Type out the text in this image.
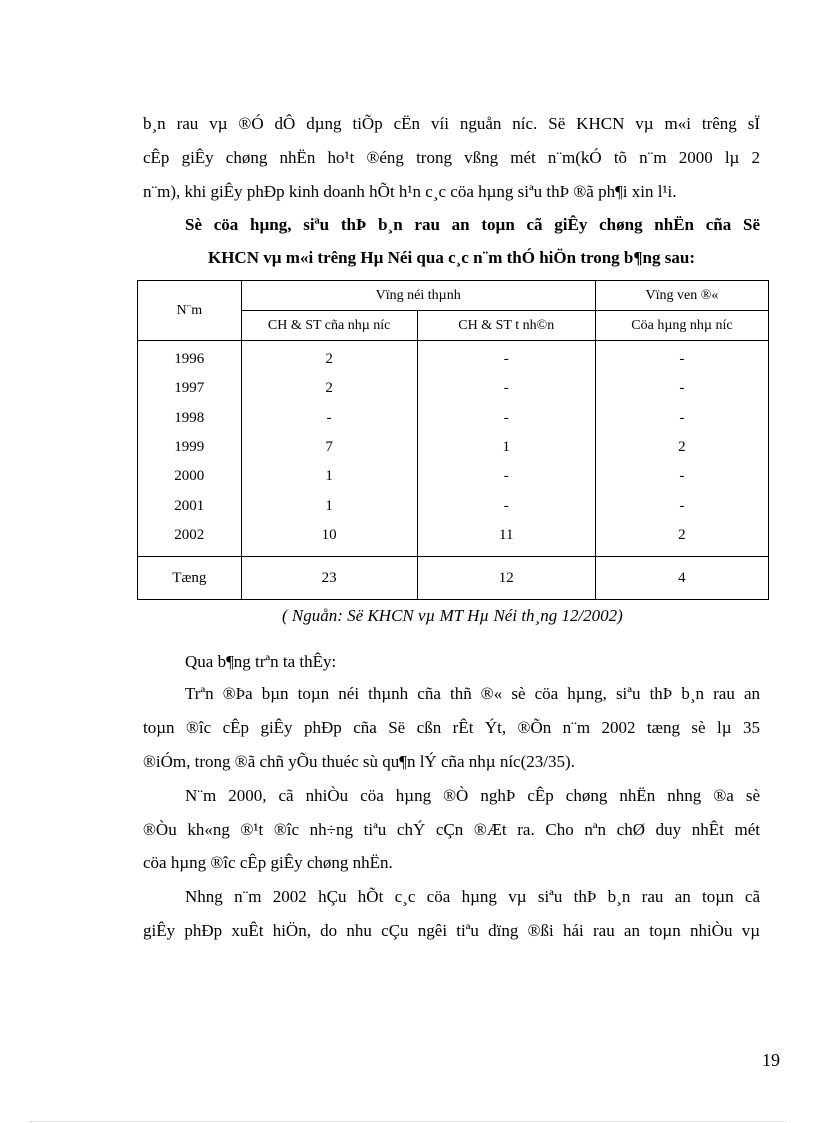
b¸n rau vµ ®Ó dÔ dµng tiÕp cËn víi nguån níc. Së KHCN vµ m«i trêng sÏ
cÊp giÊy chøng nhËn ho¹t ®éng trong vßng mét n¨m(kÓ tõ n¨m 2000 lµ 2
n¨m), khi giÊy phÐp kinh doanh hÕt h¹n c¸c cöa hµng siªu thÞ ®ã ph¶i xin l¹i.
Sè cöa hµng, siªu thÞ b¸n rau an toµn cã giÊy chøng nhËn cña Së
KHCN vµ m«i trêng Hµ Néi qua c¸c n¨m thÓ hiÖn trong b¶ng sau:
N¨m	Vïng néi thµnh		Vïng ven ®«
	CH & ST cña nhµ níc	CH & ST t nh©n	Cöa hµng nhµ níc
1996	2	-	-
1997	2	-	-
1998	-	-	-
1999	7	1	2
2000	1	-	-
2001	1	-	-
2002	10	11	2
Tæng	23	12	4
( Nguån: Së KHCN vµ MT Hµ Néi th¸ng 12/2002)
Qua b¶ng trªn ta thÊy:
Trªn ®Þa bµn toµn néi thµnh cña thñ ®« sè cöa hµng, siªu thÞ b¸n rau an
toµn ®îc cÊp giÊy phÐp cña Së cßn rÊt Ýt, ®Õn n¨m 2002 tæng sè lµ 35
®iÓm, trong ®ã chñ yÕu thuéc sù qu¶n lÝ cña nhµ níc(23/35).
N¨m 2000, cã nhiÒu cöa hµng ®Ò nghÞ cÊp chøng nhËn nhng ®a sè
®Òu kh«ng ®¹t ®îc nh÷ng tiªu chÝ cÇn ®Æt ra. Cho nªn chØ duy nhÊt mét
cöa hµng ®îc cÊp giÊy chøng nhËn.
Nhng n¨m 2002 hÇu hÕt c¸c cöa hµng vµ siªu thÞ b¸n rau an toµn cã
giÊy phÐp xuÊt hiÖn, do nhu cÇu ngêi tiªu dïng ®ßi hái rau an toµn nhiÒu vµ
19
